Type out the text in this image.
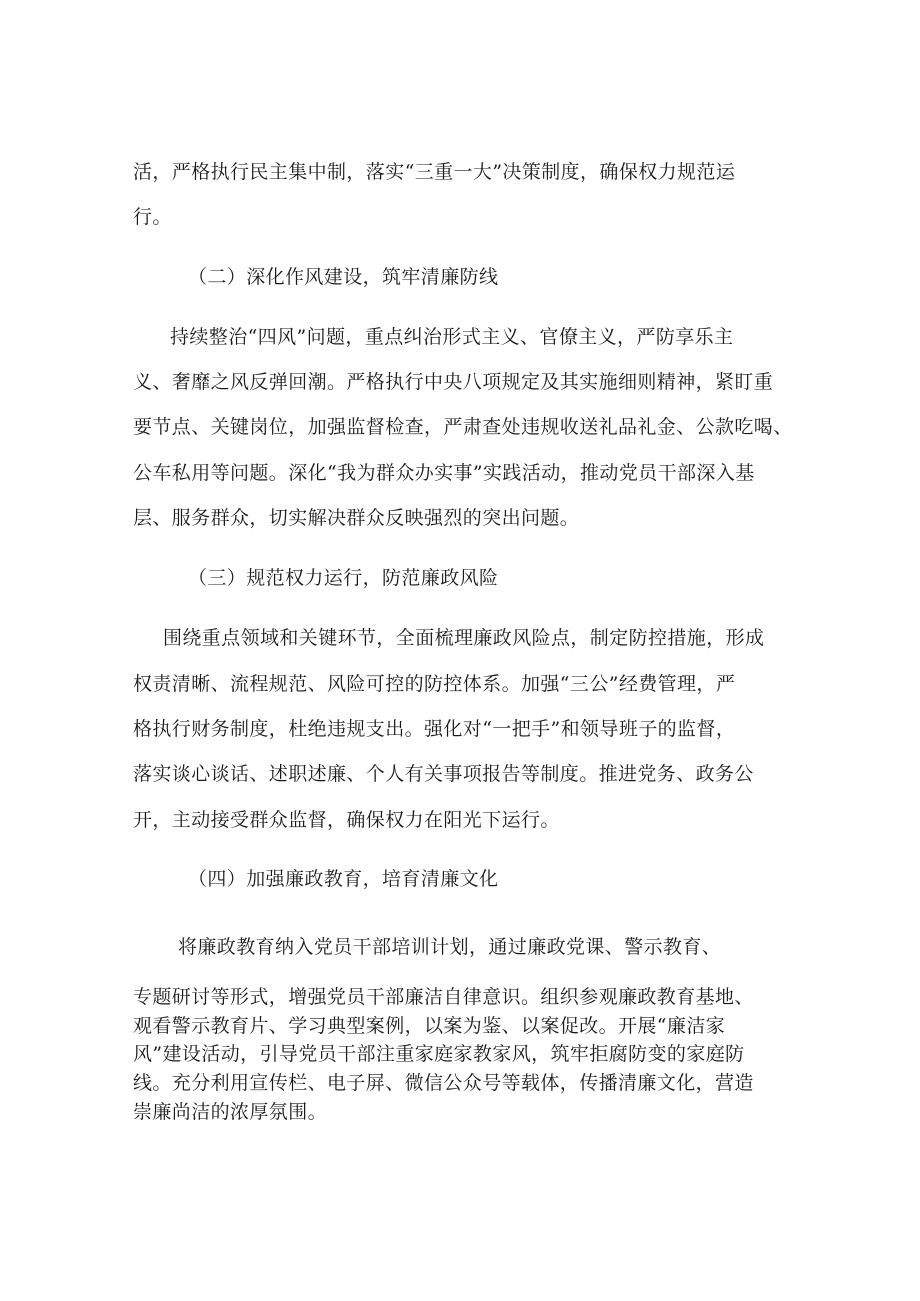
活，严格执行民主集中制，落实“三重一大”决策制度，确保权力规范运
行。
（二）深化作风建设，筑牢清廉防线
持续整治“四风”问题，重点纠治形式主义、官僚主义，严防享乐主
义、奢靡之风反弹回潮。严格执行中央八项规定及其实施细则精神，紧盯重
要节点、关键岗位，加强监督检查，严肃查处违规收送礼品礼金、公款吃喝、
公车私用等问题。深化“我为群众办实事”实践活动，推动党员干部深入基
层、服务群众，切实解决群众反映强烈的突出问题。
（三）规范权力运行，防范廉政风险
围绕重点领域和关键环节，全面梳理廉政风险点，制定防控措施，形成
权责清晰、流程规范、风险可控的防控体系。加强“三公”经费管理，严
格执行财务制度，杜绝违规支出。强化对“一把手”和领导班子的监督，
落实谈心谈话、述职述廉、个人有关事项报告等制度。推进党务、政务公
开，主动接受群众监督，确保权力在阳光下运行。
（四）加强廉政教育，培育清廉文化
将廉政教育纳入党员干部培训计划，通过廉政党课、警示教育、
专题研讨等形式，增强党员干部廉洁自律意识。组织参观廉政教育基地、
观看警示教育片、学习典型案例，以案为鉴、以案促改。开展“廉洁家
风”建设活动，引导党员干部注重家庭家教家风，筑牢拒腐防变的家庭防
线。充分利用宣传栏、电子屏、微信公众号等载体，传播清廉文化，营造
崇廉尚洁的浓厚氛围。
